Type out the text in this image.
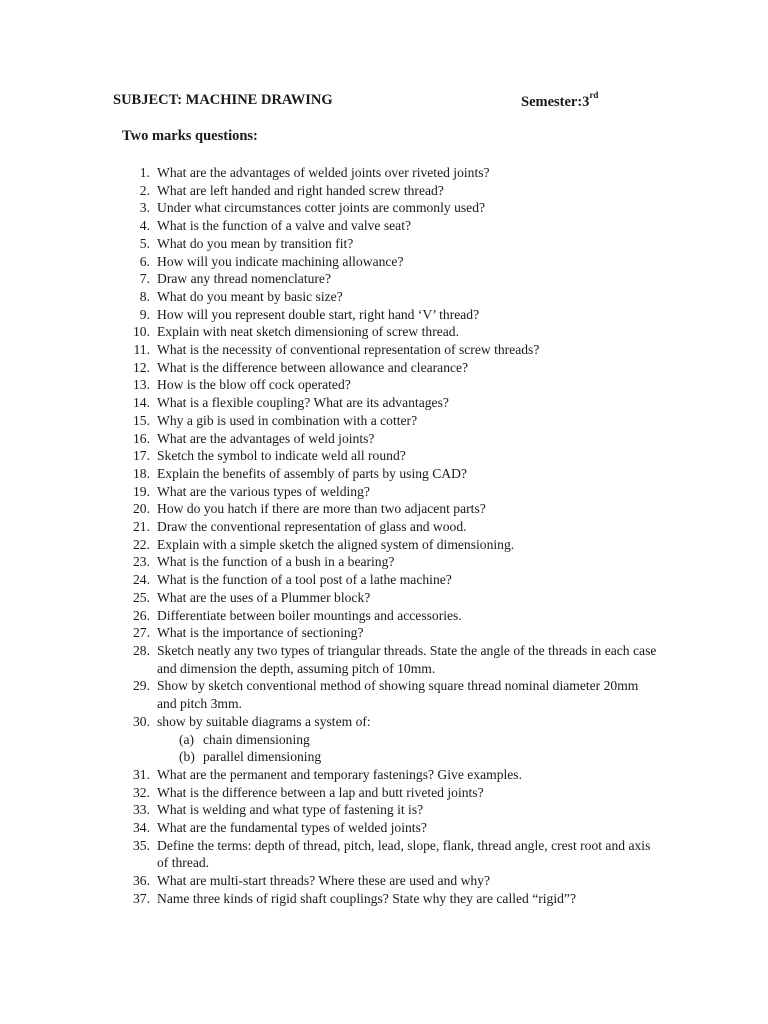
SUBJECT: MACHINE DRAWING	Semester:3rd
Two marks questions:
1. What are the advantages of welded joints over riveted joints?
2. What are left handed and right handed screw thread?
3. Under what circumstances cotter joints are commonly used?
4. What is the function of a valve and valve seat?
5. What do you mean by transition fit?
6. How will you indicate machining allowance?
7. Draw any thread nomenclature?
8. What do you meant by basic size?
9. How will you represent double start, right hand ‘V’ thread?
10. Explain with neat sketch dimensioning of screw thread.
11. What is the necessity of conventional representation of screw threads?
12. What is the difference between allowance and clearance?
13. How is the blow off cock operated?
14. What is a flexible coupling? What are its advantages?
15. Why a gib is used in combination with a cotter?
16. What are the advantages of weld joints?
17. Sketch the symbol to indicate weld all round?
18. Explain the benefits of assembly of parts by using CAD?
19. What are the various types of welding?
20. How do you hatch if there are more than two adjacent parts?
21. Draw the conventional representation of glass and wood.
22. Explain with a simple sketch the aligned system of dimensioning.
23. What is the function of a bush in a bearing?
24. What is the function of a tool post of a lathe machine?
25. What are the uses of a Plummer block?
26. Differentiate between boiler mountings and accessories.
27. What is the importance of sectioning?
28. Sketch neatly any two types of triangular threads. State the angle of the threads in each case and dimension the depth, assuming pitch of 10mm.
29. Show by sketch conventional method of showing square thread nominal diameter 20mm and pitch 3mm.
30. show by suitable diagrams a system of:
(a) chain dimensioning
(b) parallel dimensioning
31. What are the permanent and temporary fastenings? Give examples.
32. What is the difference between a lap and butt riveted joints?
33. What is welding and what type of fastening it is?
34. What are the fundamental types of welded joints?
35. Define the terms: depth of thread, pitch, lead, slope, flank, thread angle, crest root and axis of thread.
36. What are multi-start threads? Where these are used and why?
37. Name three kinds of rigid shaft couplings? State why they are called “rigid”?
